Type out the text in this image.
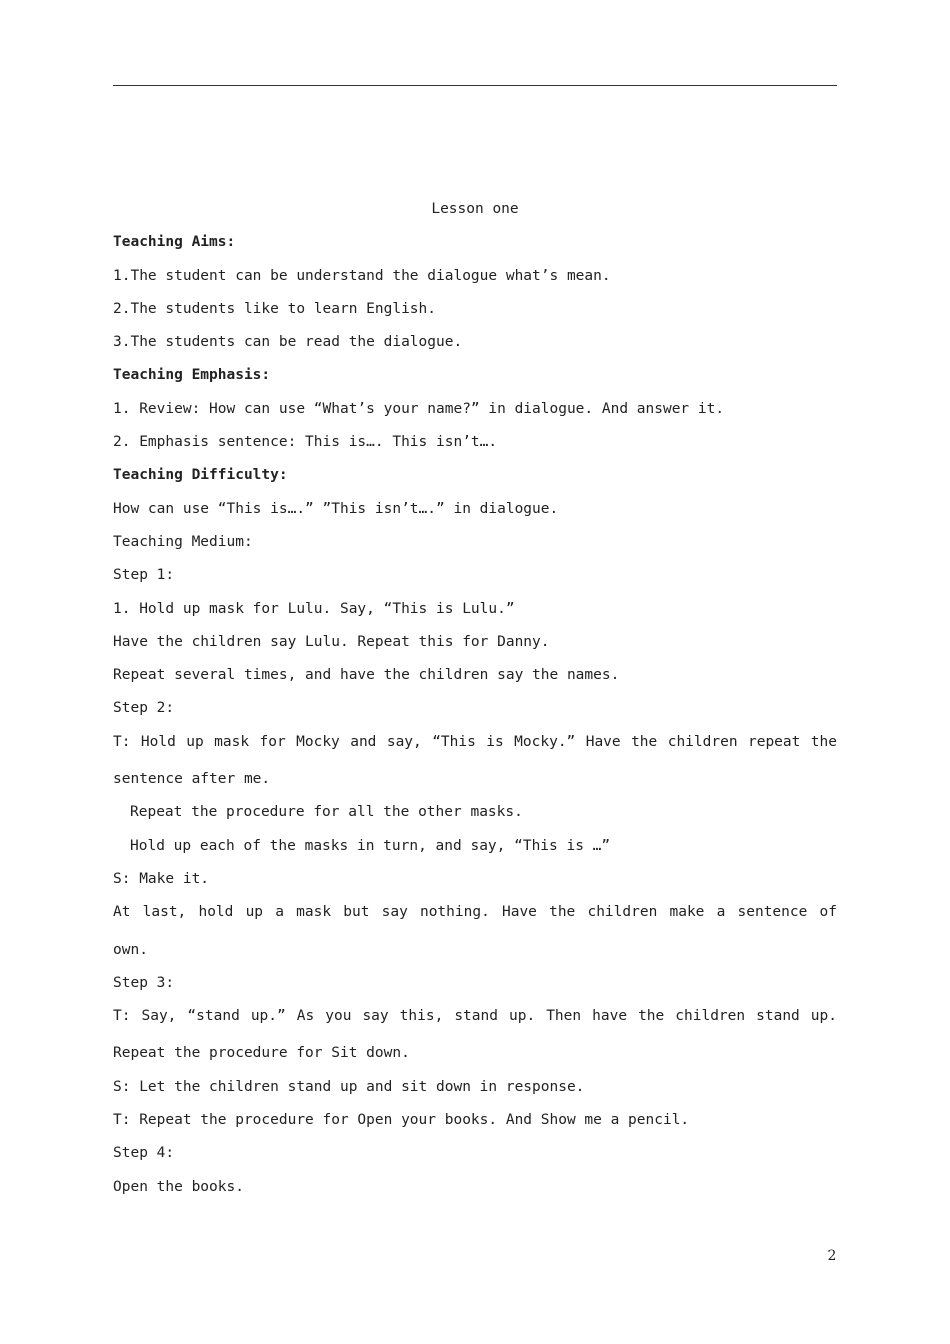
Lesson one
Teaching Aims:
1.The student can be understand the dialogue what’s mean.
2.The students like to learn English.
3.The students can be read the dialogue.
Teaching Emphasis:
1. Review: How can use “What’s your name?” in dialogue. And answer it.
2. Emphasis sentence: This is…. This isn’t….
Teaching Difficulty:
How can use “This is….” ”This isn’t….” in dialogue.
Teaching Medium:
Step 1:
1. Hold up mask for Lulu. Say, “This is Lulu.”
Have the children say Lulu. Repeat this for Danny.
Repeat several times, and have the children say the names.
Step 2:
T: Hold up mask for Mocky and say, “This is Mocky.” Have the children repeat the
sentence after me.
Repeat the procedure for all the other masks.
Hold up each of the masks in turn, and say, “This is …”
S: Make it.
At last, hold up a mask but say nothing. Have the children make a sentence of
own.
Step 3:
T: Say, “stand up.” As you say this, stand up. Then have the children stand up.
Repeat the procedure for Sit down.
S: Let the children stand up and sit down in response.
T: Repeat the procedure for Open your books. And Show me a pencil.
Step 4:
Open the books.
2
